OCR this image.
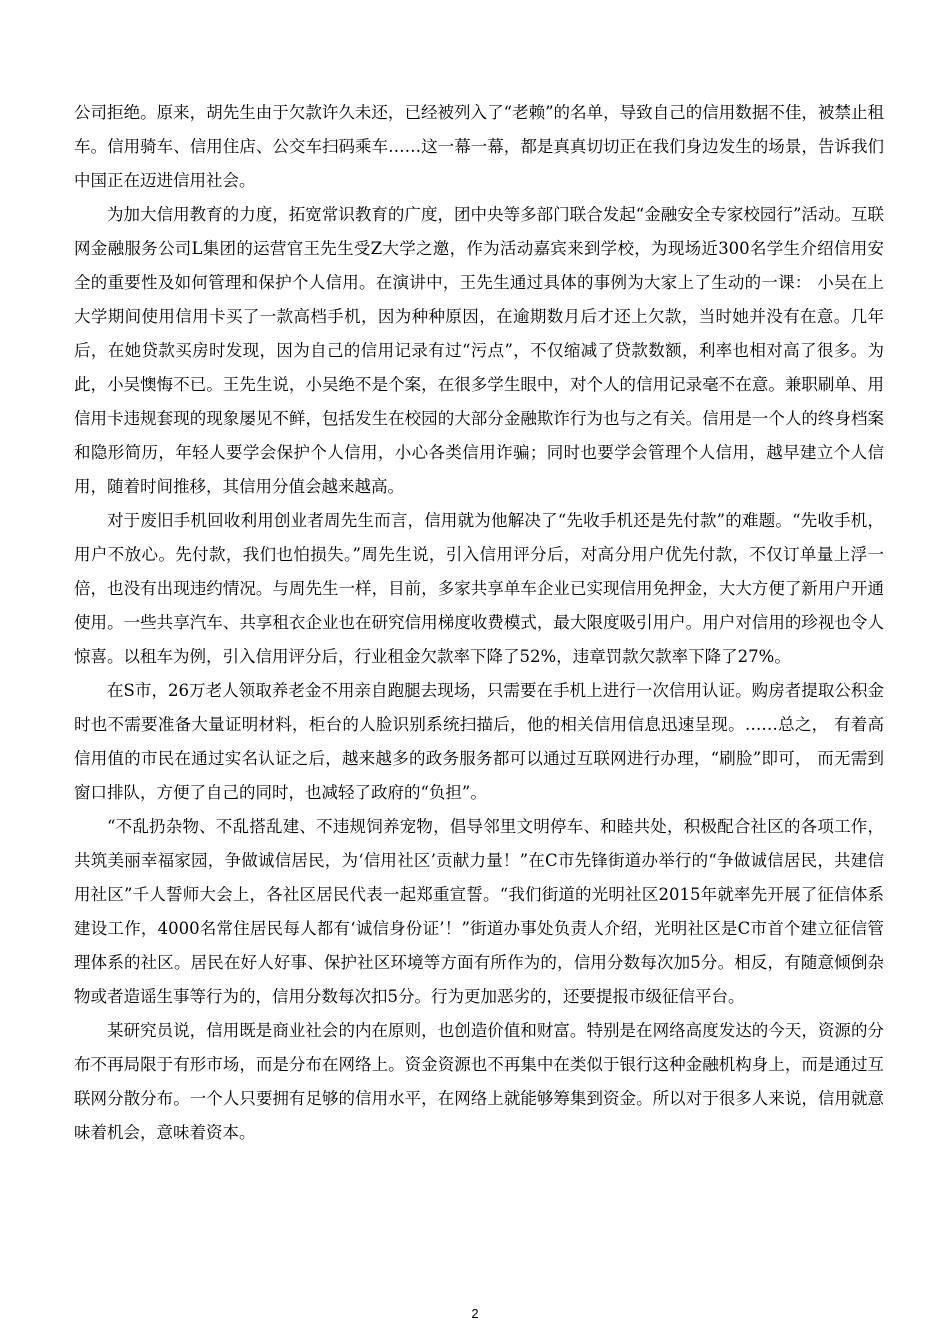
公司拒绝。原来，胡先生由于欠款许久未还，已经被列入了“老赖”的名单，导致自己的信用数据不佳，被禁止租车。信用骑车、信用住店、公交车扫码乘车……这一幕一幕，都是真真切切正在我们身边发生的场景，告诉我们中国正在迈进信用社会。

为加大信用教育的力度，拓宽常识教育的广度，团中央等多部门联合发起“金融安全专家校园行”活动。互联网金融服务公司L集团的运营官王先生受Z大学之邀，作为活动嘉宾来到学校，为现场近300名学生介绍信用安全的重要性及如何管理和保护个人信用。在演讲中，王先生通过具体的事例为大家上了生动的一课： 小吴在上大学期间使用信用卡买了一款高档手机，因为种种原因，在逾期数月后才还上欠款，当时她并没有在意。几年后，在她贷款买房时发现，因为自己的信用记录有过“污点”，不仅缩减了贷款数额，利率也相对高了很多。为此，小吴懊悔不已。王先生说，小吴绝不是个案，在很多学生眼中，对个人的信用记录毫不在意。兼职刷单、用信用卡违规套现的现象屡见不鲜，包括发生在校园的大部分金融欺诈行为也与之有关。信用是一个人的终身档案和隐形简历，年轻人要学会保护个人信用，小心各类信用诈骗；同时也要学会管理个人信用，越早建立个人信用，随着时间推移，其信用分值会越来越高。

对于废旧手机回收利用创业者周先生而言，信用就为他解决了“先收手机还是先付款”的难题。“先收手机，用户不放心。先付款，我们也怕损失。”周先生说，引入信用评分后，对高分用户优先付款，不仅订单量上浮一倍，也没有出现违约情况。与周先生一样，目前，多家共享单车企业已实现信用免押金，大大方便了新用户开通使用。一些共享汽车、共享租衣企业也在研究信用梯度收费模式，最大限度吸引用户。用户对信用的珍视也令人惊喜。以租车为例，引入信用评分后，行业租金欠款率下降了52%，违章罚款欠款率下降了27%。

在S市，26万老人领取养老金不用亲自跑腿去现场，只需要在手机上进行一次信用认证。购房者提取公积金时也不需要准备大量证明材料，柜台的人脸识别系统扫描后，他的相关信用信息迅速呈现。……总之， 有着高信用值的市民在通过实名认证之后，越来越多的政务服务都可以通过互联网进行办理，“刷脸”即可， 而无需到窗口排队，方便了自己的同时，也减轻了政府的“负担”。

“不乱扔杂物、不乱搭乱建、不违规饲养宠物，倡导邻里文明停车、和睦共处，积极配合社区的各项工作，共筑美丽幸福家园，争做诚信居民，为‘信用社区’贡献力量！”在C市先锋街道办举行的“争做诚信居民，共建信用社区”千人誓师大会上，各社区居民代表一起郑重宣誓。“我们街道的光明社区2015年就率先开展了征信体系建设工作，4000名常住居民每人都有‘诚信身份证’！”街道办事处负责人介绍，光明社区是C市首个建立征信管理体系的社区。居民在好人好事、保护社区环境等方面有所作为的，信用分数每次加5分。相反，有随意倾倒杂物或者造谣生事等行为的，信用分数每次扣5分。行为更加恶劣的，还要提报市级征信平台。

某研究员说，信用既是商业社会的内在原则，也创造价值和财富。特别是在网络高度发达的今天，资源的分布不再局限于有形市场，而是分布在网络上。资金资源也不再集中在类似于银行这种金融机构身上，而是通过互联网分散分布。一个人只要拥有足够的信用水平，在网络上就能够筹集到资金。所以对于很多人来说，信用就意味着机会，意味着资本。

2
